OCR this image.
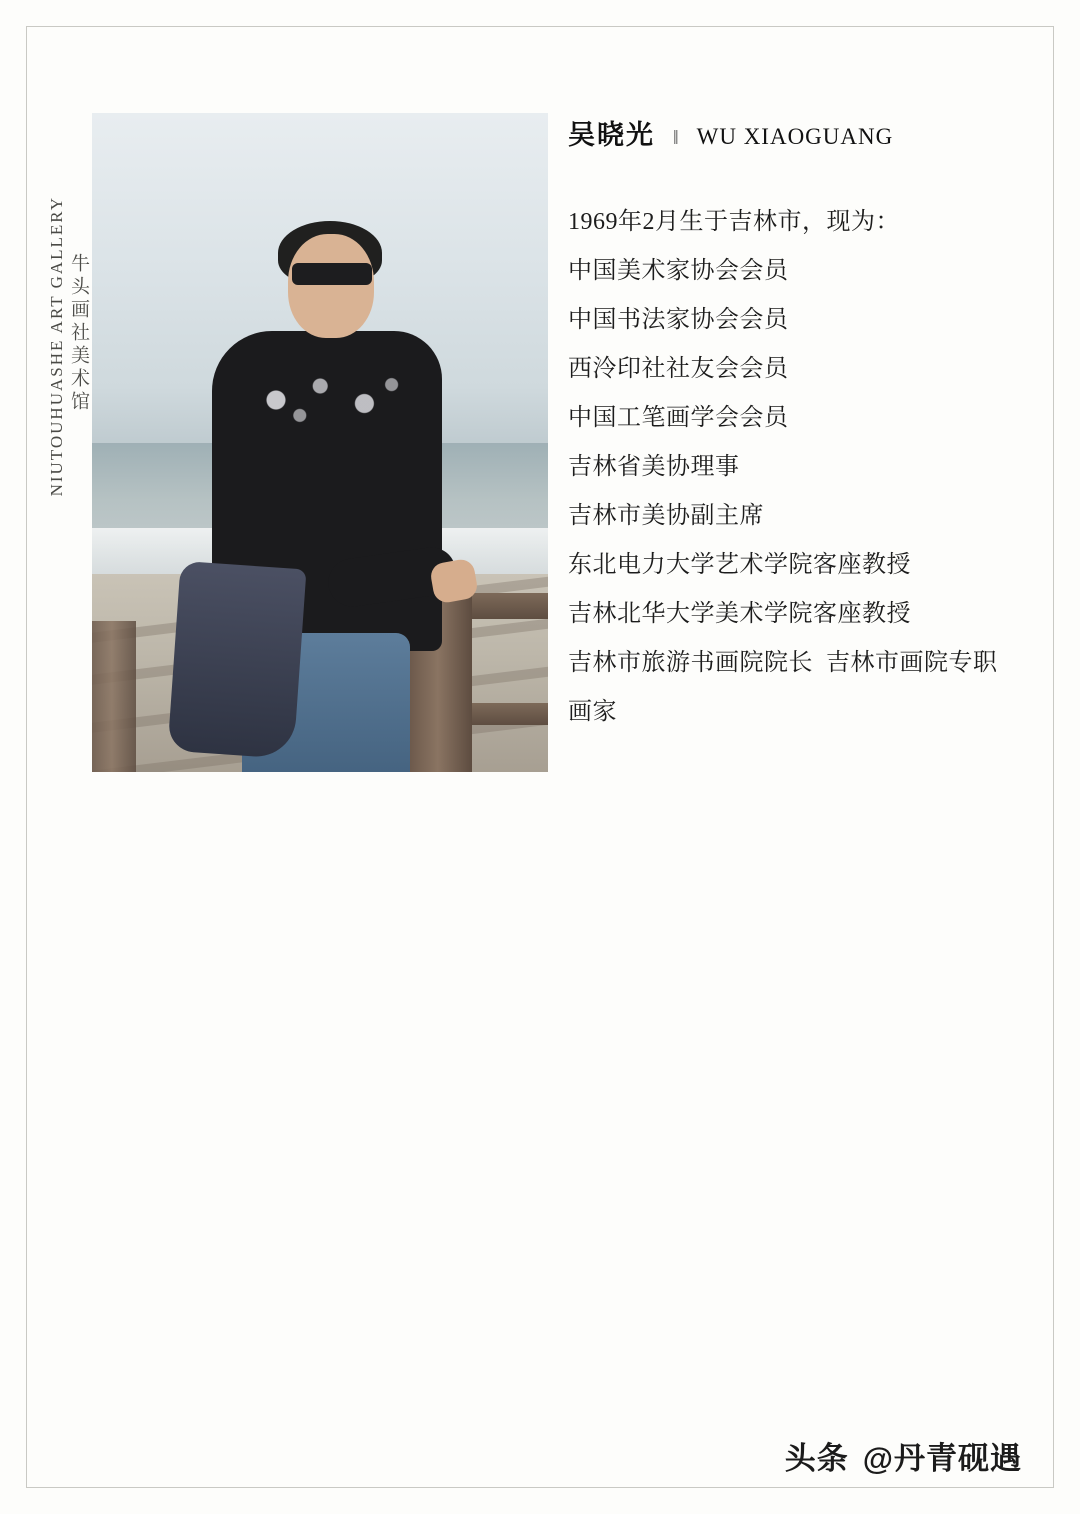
牛头画社美术馆
NIUTOUHUASHE ART GALLERY
吴晓光 ‖ WU XIAOGUANG
1969年2月生于吉林市，现为：
中国美术家协会会员
中国书法家协会会员
西泠印社社友会会员
中国工笔画学会会员
吉林省美协理事
吉林市美协副主席
东北电力大学艺术学院客座教授
吉林北华大学美术学院客座教授
吉林市旅游书画院院长  吉林市画院专职画家
头条 @丹青砚遇
